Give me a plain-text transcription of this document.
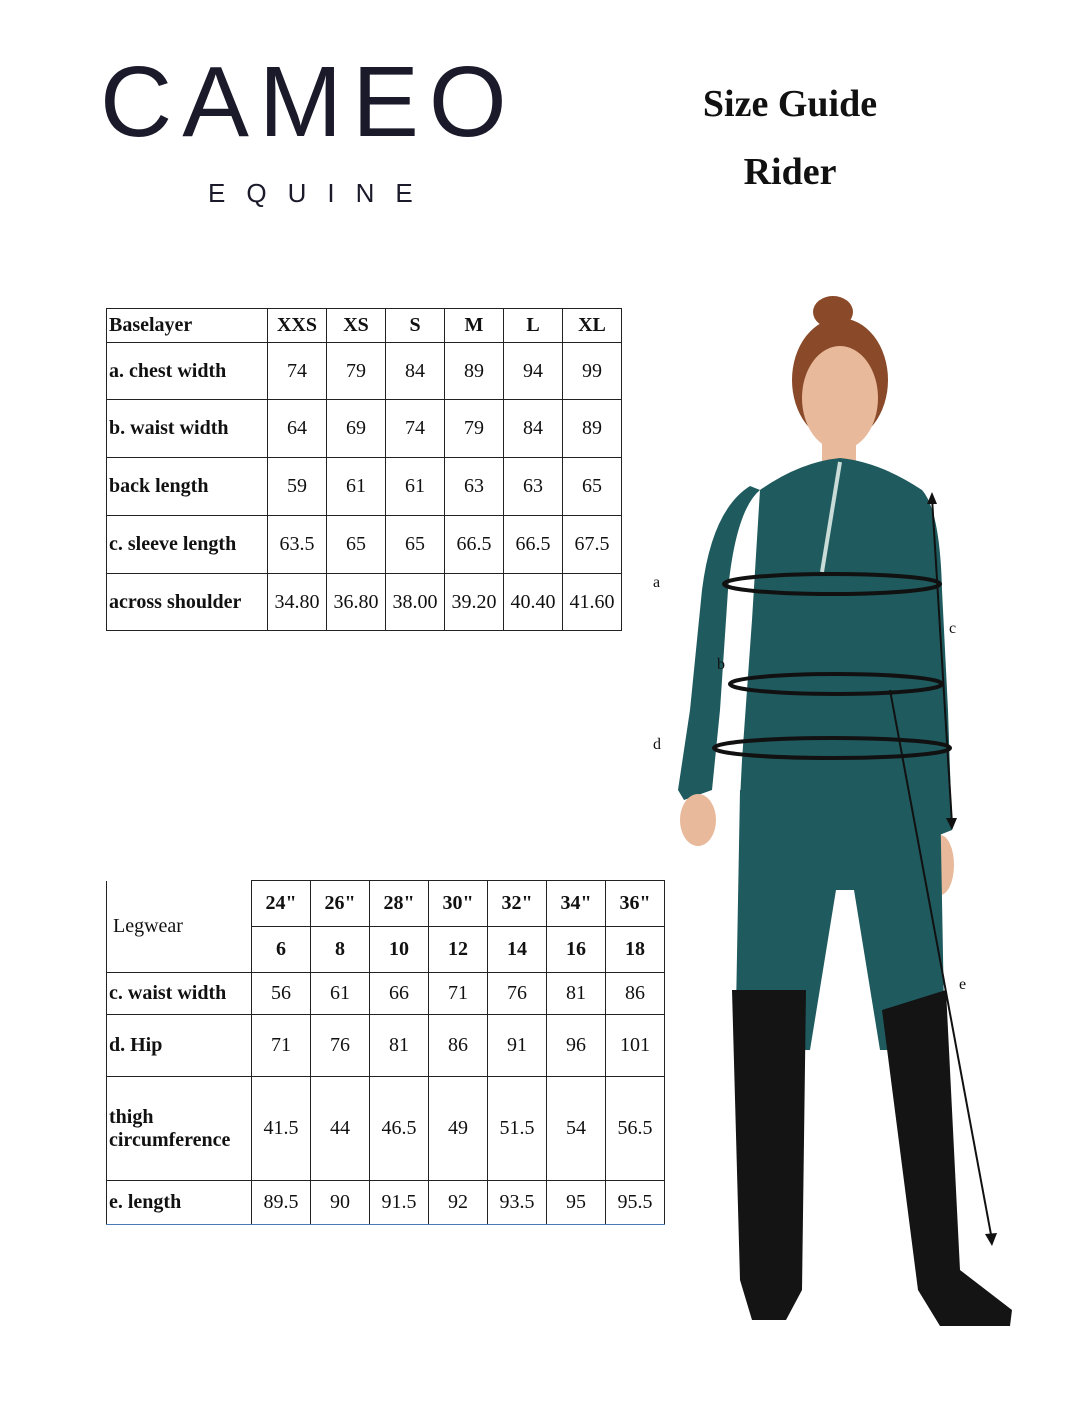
CAMEO
EQUINE
Size Guide
Rider
Baselayer	XXS	XS	S	M	L	XL
a. chest width	74	79	84	89	94	99
b. waist width	64	69	74	79	84	89
back length	59	61	61	63	63	65
c. sleeve length	63.5	65	65	66.5	66.5	67.5
across shoulder	34.80	36.80	38.00	39.20	40.40	41.60
Legwear	24"	26"	28"	30"	32"	34"	36"
	6	8	10	12	14	16	18
c. waist width	56	61	66	71	76	81	86
d. Hip	71	76	81	86	91	96	101
thigh circumference	41.5	44	46.5	49	51.5	54	56.5
e. length	89.5	90	91.5	92	93.5	95	95.5
a
b
c
d
e
